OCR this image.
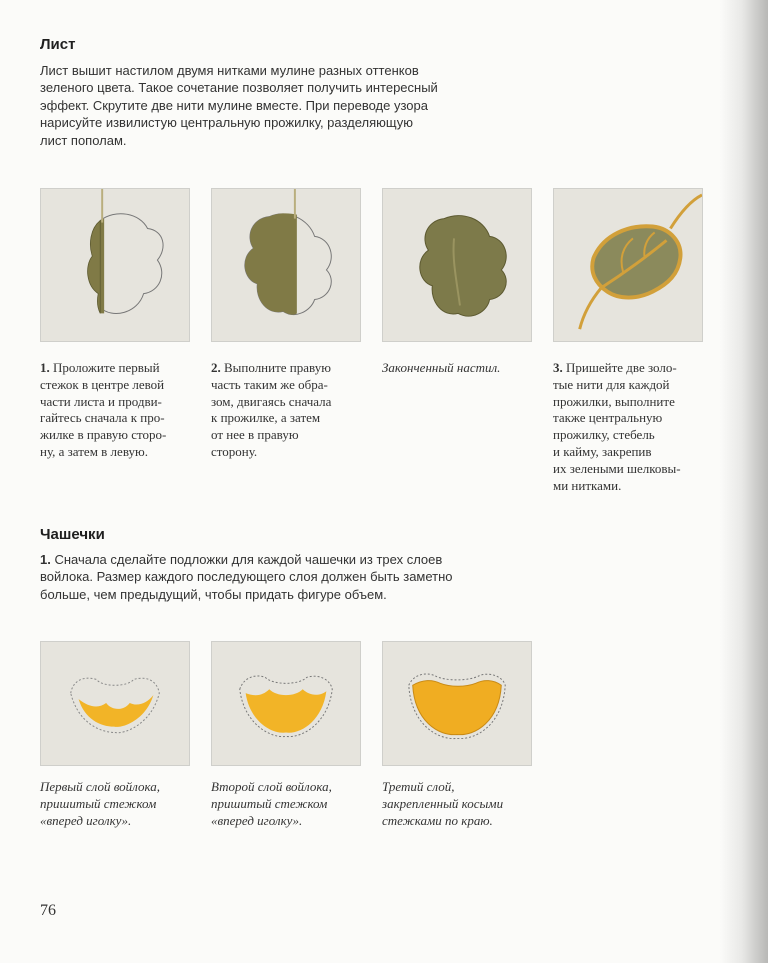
Лист

Лист вышит настилом двумя нитками мулине разных оттенков
зеленого цвета. Такое сочетание позволяет получить интересный
эффект. Скрутите две нити мулине вместе. При переводе узора
нарисуйте извилистую центральную прожилку, разделяющую
лист пополам.

1. Проложите первый
стежок в центре левой
части листа и продви-
гайтесь сначала к про-
жилке в правую сторо-
ну, а затем в левую.

2. Выполните правую
часть таким же обра-
зом, двигаясь сначала
к прожилке, а затем
от нее в правую
сторону.

Законченный настил.	3. Пришейте две золо-
тые нити для каждой
прожилки, выполните
также центральную
прожилку, стебель
и кайму, закрепив
их зелеными шелковы-
ми нитками.

Чашечки

1. Сначала сделайте подложки для каждой чашечки из трех слоев
войлока. Размер каждого последующего слоя должен быть заметно
больше, чем предыдущий, чтобы придать фигуре объем.

Первый слой войлока,
пришитый стежком
«вперед иголку».

Второй слой войлока,
пришитый стежком
«вперед иголку».

Третий слой,
закрепленный косыми
стежками по краю.

76
